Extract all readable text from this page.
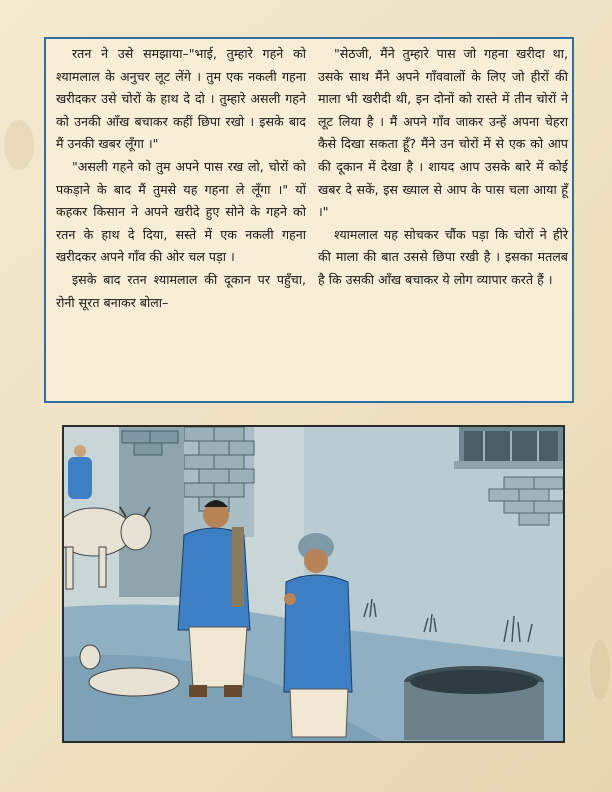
रतन ने उसे समझाया–"भाई, तुम्हारे गहने को श्यामलाल के अनुचर लूट लेंगे । तुम एक नकली गहना खरीदकर उसे चोरों के हाथ दे दो । तुम्हारे असली गहने को उनकी आँख बचाकर कहीं छिपा रखो । इसके बाद मैं उनकी खबर लूँगा ।"

"असली गहने को तुम अपने पास रख लो, चोरों को पकड़ाने के बाद मैं तुमसे यह गहना ले लूँगा ।" यों कहकर किसान ने अपने खरीदे हुए सोने के गहने को रतन के हाथ दे दिया, सस्ते में एक नकली गहना खरीदकर अपने गाँव की ओर चल पड़ा ।

इसके बाद रतन श्यामलाल की दूकान पर पहुँचा, रोनी सूरत बनाकर बोला–

"सेठजी, मैंने तुम्हारे पास जो गहना खरीदा था, उसके साथ मैंने अपने गाँववालों के लिए जो हीरों की माला भी खरीदी थी, इन दोनों को रास्ते में तीन चोरों ने लूट लिया है । मैं अपने गाँव जाकर उन्हें अपना चेहरा कैसे दिखा सकता हूँ? मैंने उन चोरों में से एक को आप की दूकान में देखा है । शायद आप उसके बारे में कोई खबर दे सकें, इस ख्याल से आप के पास चला आया हूँ ।"

श्यामलाल यह सोचकर चौंक पड़ा कि चोरों ने हीरे की माला की बात उससे छिपा रखी है । इसका मतलब है कि उसकी आँख बचाकर ये लोग व्यापार करते हैं ।
